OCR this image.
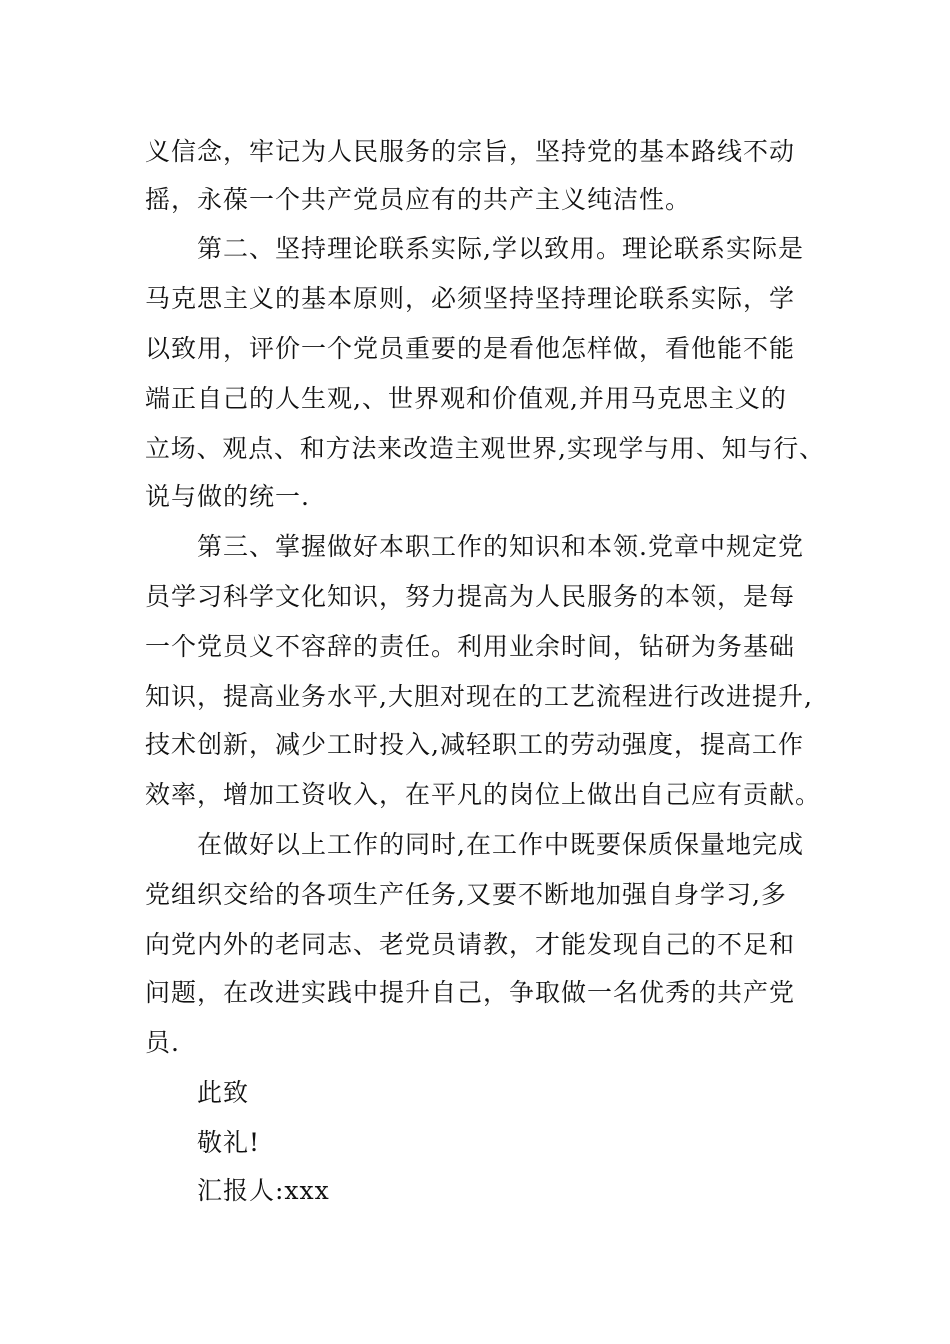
义信念，牢记为人民服务的宗旨，坚持党的基本路线不动
摇，永葆一个共产党员应有的共产主义纯洁性。
第二、坚持理论联系实际,学以致用。理论联系实际是
马克思主义的基本原则，必须坚持坚持理论联系实际，学
以致用，评价一个党员重要的是看他怎样做，看他能不能
端正自己的人生观,、世界观和价值观,并用马克思主义的
立场、观点、和方法来改造主观世界,实现学与用、知与行、
说与做的统一.
第三、掌握做好本职工作的知识和本领.党章中规定党
员学习科学文化知识，努力提高为人民服务的本领，是每
一个党员义不容辞的责任。利用业余时间，钻研为务基础
知识，提高业务水平,大胆对现在的工艺流程进行改进提升,
技术创新，减少工时投入,减轻职工的劳动强度，提高工作
效率，增加工资收入，在平凡的岗位上做出自己应有贡献。
在做好以上工作的同时,在工作中既要保质保量地完成
党组织交给的各项生产任务,又要不断地加强自身学习,多
向党内外的老同志、老党员请教，才能发现自己的不足和
问题，在改进实践中提升自己，争取做一名优秀的共产党
员.
此致
敬礼!
汇报人:xxx
